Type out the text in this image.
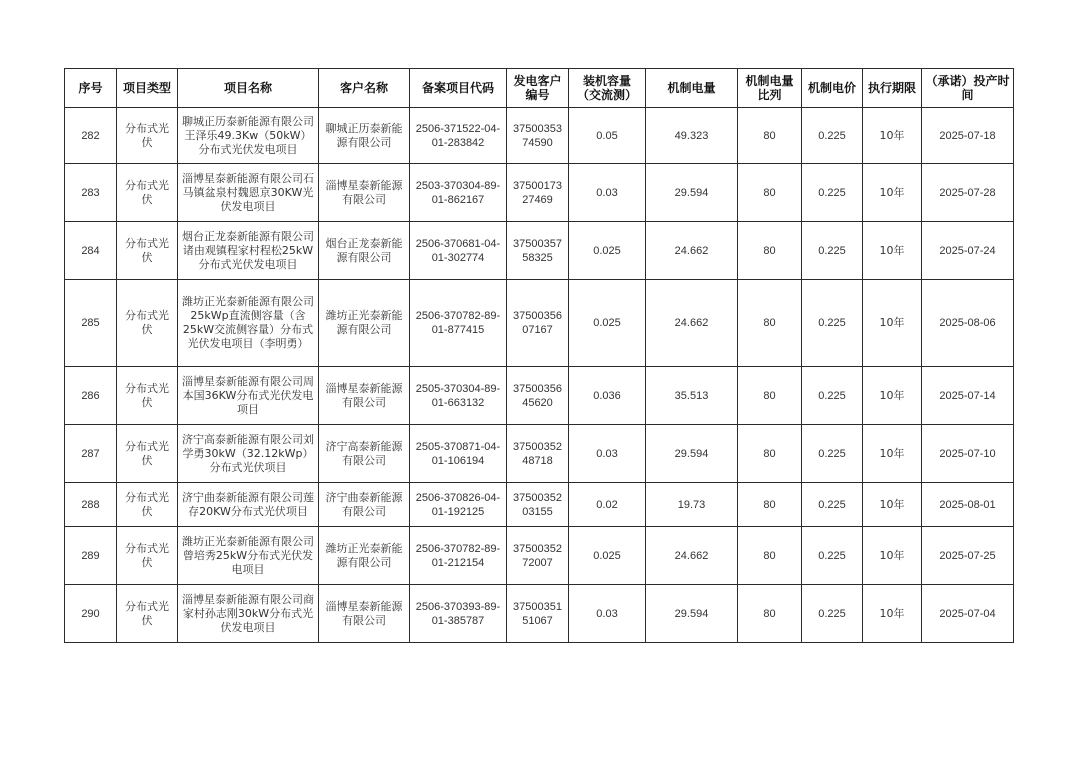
序号	项目类型	项目名称	客户名称	备案项目代码	发电客户编号	装机容量（交流测）	机制电量	机制电量比列	机制电价	执行期限	（承诺）投产时间
282	分布式光伏	聊城正历泰新能源有限公司王泽乐49.3Kw（50kW）分布式光伏发电项目	聊城正历泰新能源有限公司	2506-371522-04-01-283842	3750035374590	0.05	49.323	80	0.225	10年	2025-07-18
283	分布式光伏	淄博星泰新能源有限公司石马镇盆泉村魏恩京30KW光伏发电项目	淄博星泰新能源有限公司	2503-370304-89-01-862167	3750017327469	0.03	29.594	80	0.225	10年	2025-07-28
284	分布式光伏	烟台正龙泰新能源有限公司诸由观镇程家村程松25kW分布式光伏发电项目	烟台正龙泰新能源有限公司	2506-370681-04-01-302774	3750035758325	0.025	24.662	80	0.225	10年	2025-07-24
285	分布式光伏	潍坊正光泰新能源有限公司25kWp直流侧容量（含25kW交流侧容量）分布式光伏发电项目（李明勇）	潍坊正光泰新能源有限公司	2506-370782-89-01-877415	3750035607167	0.025	24.662	80	0.225	10年	2025-08-06
286	分布式光伏	淄博星泰新能源有限公司周本国36KW分布式光伏发电项目	淄博星泰新能源有限公司	2505-370304-89-01-663132	3750035645620	0.036	35.513	80	0.225	10年	2025-07-14
287	分布式光伏	济宁高泰新能源有限公司刘学勇30kW（32.12kWp）分布式光伏项目	济宁高泰新能源有限公司	2505-370871-04-01-106194	3750035248718	0.03	29.594	80	0.225	10年	2025-07-10
288	分布式光伏	济宁曲泰新能源有限公司莲存20KW分布式光伏项目	济宁曲泰新能源有限公司	2506-370826-04-01-192125	3750035203155	0.02	19.73	80	0.225	10年	2025-08-01
289	分布式光伏	潍坊正光泰新能源有限公司曾培秀25kW分布式光伏发电项目	潍坊正光泰新能源有限公司	2506-370782-89-01-212154	3750035272007	0.025	24.662	80	0.225	10年	2025-07-25
290	分布式光伏	淄博星泰新能源有限公司商家村孙志刚30kW分布式光伏发电项目	淄博星泰新能源有限公司	2506-370393-89-01-385787	3750035151067	0.03	29.594	80	0.225	10年	2025-07-04
